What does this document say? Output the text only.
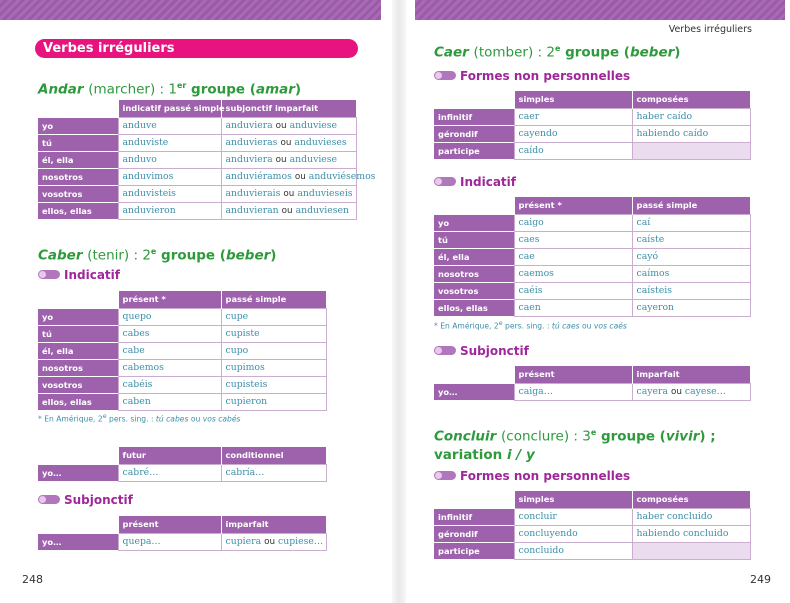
Verbes irréguliers
Verbes irréguliers
Andar (marcher) : 1er groupe (amar)
	indicatif passé simple	subjonctif imparfait
yo	anduve	anduviera ou anduviese
tú	anduviste	anduvieras ou anduvieses
él, ella	anduvo	anduviera ou anduviese
nosotros	anduvimos	anduviéramos ou anduviésemos
vosotros	anduvisteis	anduvierais ou anduvieseis
ellos, ellas	anduvieron	anduvieran ou anduviesen
Caber (tenir) : 2e groupe (beber)
Indicatif
	présent *	passé simple
yo	quepo	cupe
tú	cabes	cupiste
él, ella	cabe	cupo
nosotros	cabemos	cupimos
vosotros	cabéis	cupisteis
ellos, ellas	caben	cupieron
* En Amérique, 2e pers. sing. : tú cabes ou vos cabés
	futur	conditionnel
yo…	cabré…	cabría…
Subjonctif
	présent	imparfait
yo…	quepa…	cupiera ou cupiese…
248
Caer (tomber) : 2e groupe (beber)
Formes non personnelles
	simples	composées
infinitif	caer	haber caído
gérondif	cayendo	habiendo caído
participe	caído	
Indicatif
	présent *	passé simple
yo	caigo	caí
tú	caes	caíste
él, ella	cae	cayó
nosotros	caemos	caímos
vosotros	caéis	caísteis
ellos, ellas	caen	cayeron
* En Amérique, 2e pers. sing. : tú caes ou vos caés
Subjonctif
	présent	imparfait
yo…	caiga…	cayera ou cayese…
Concluir (conclure) : 3e groupe (vivir) ;
variation i / y
Formes non personnelles
	simples	composées
infinitif	concluir	haber concluido
gérondif	concluyendo	habiendo concluido
participe	concluido	
249
